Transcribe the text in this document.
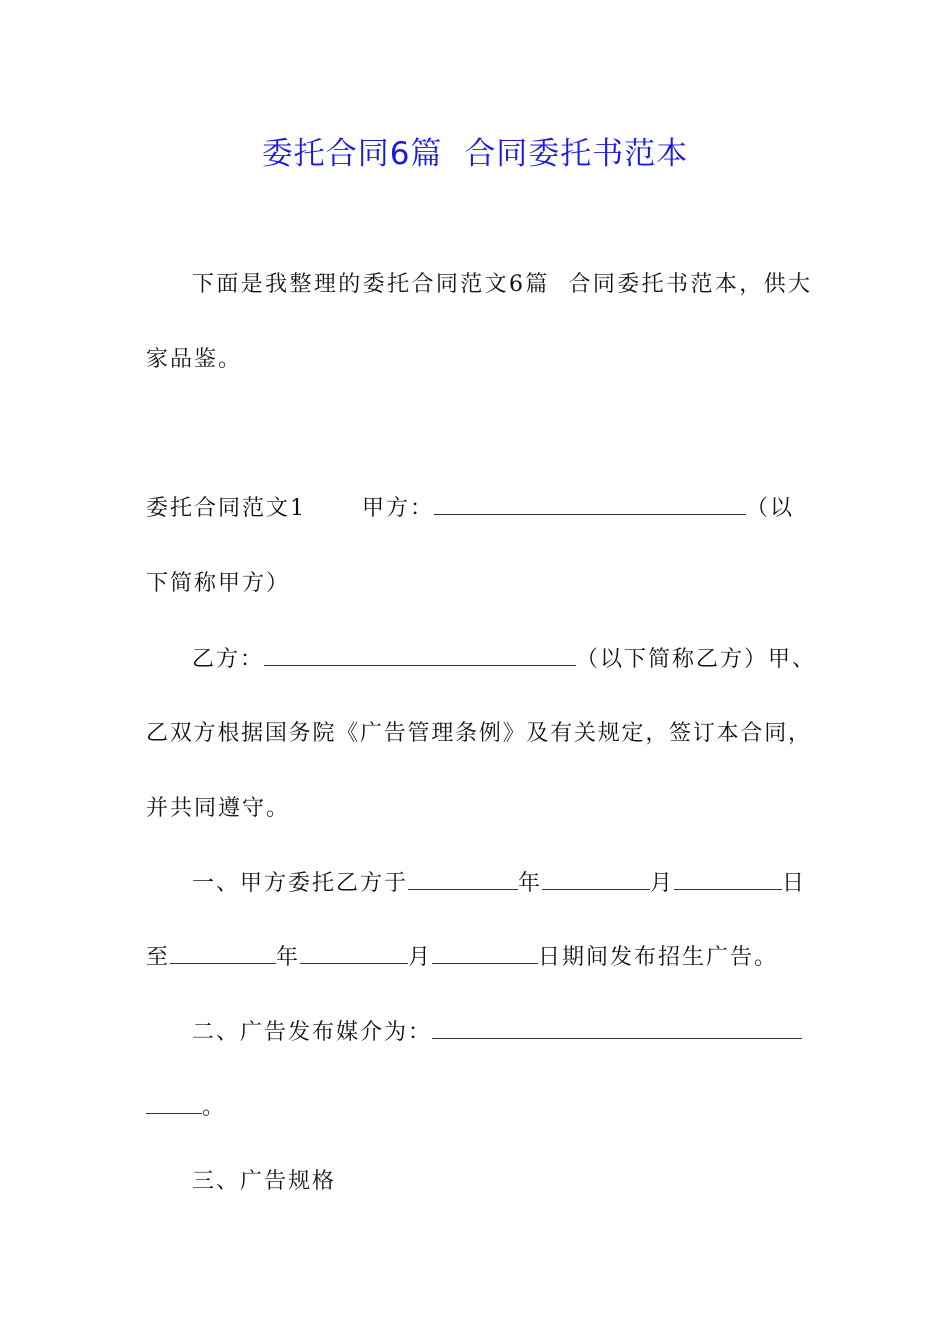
委托合同6篇  合同委托书范本
下面是我整理的委托合同范文6篇  合同委托书范本，供大
家品鉴。
委托合同范文1	甲方：	（以
下简称甲方）
乙方：	（以下简称乙方）甲、
乙双方根据国务院《广告管理条例》及有关规定，签订本合同，
并共同遵守。
一、甲方委托乙方于	年	月	日
至	年	月	日期间发布招生广告。
二、广告发布媒介为：
。
三、广告规格
